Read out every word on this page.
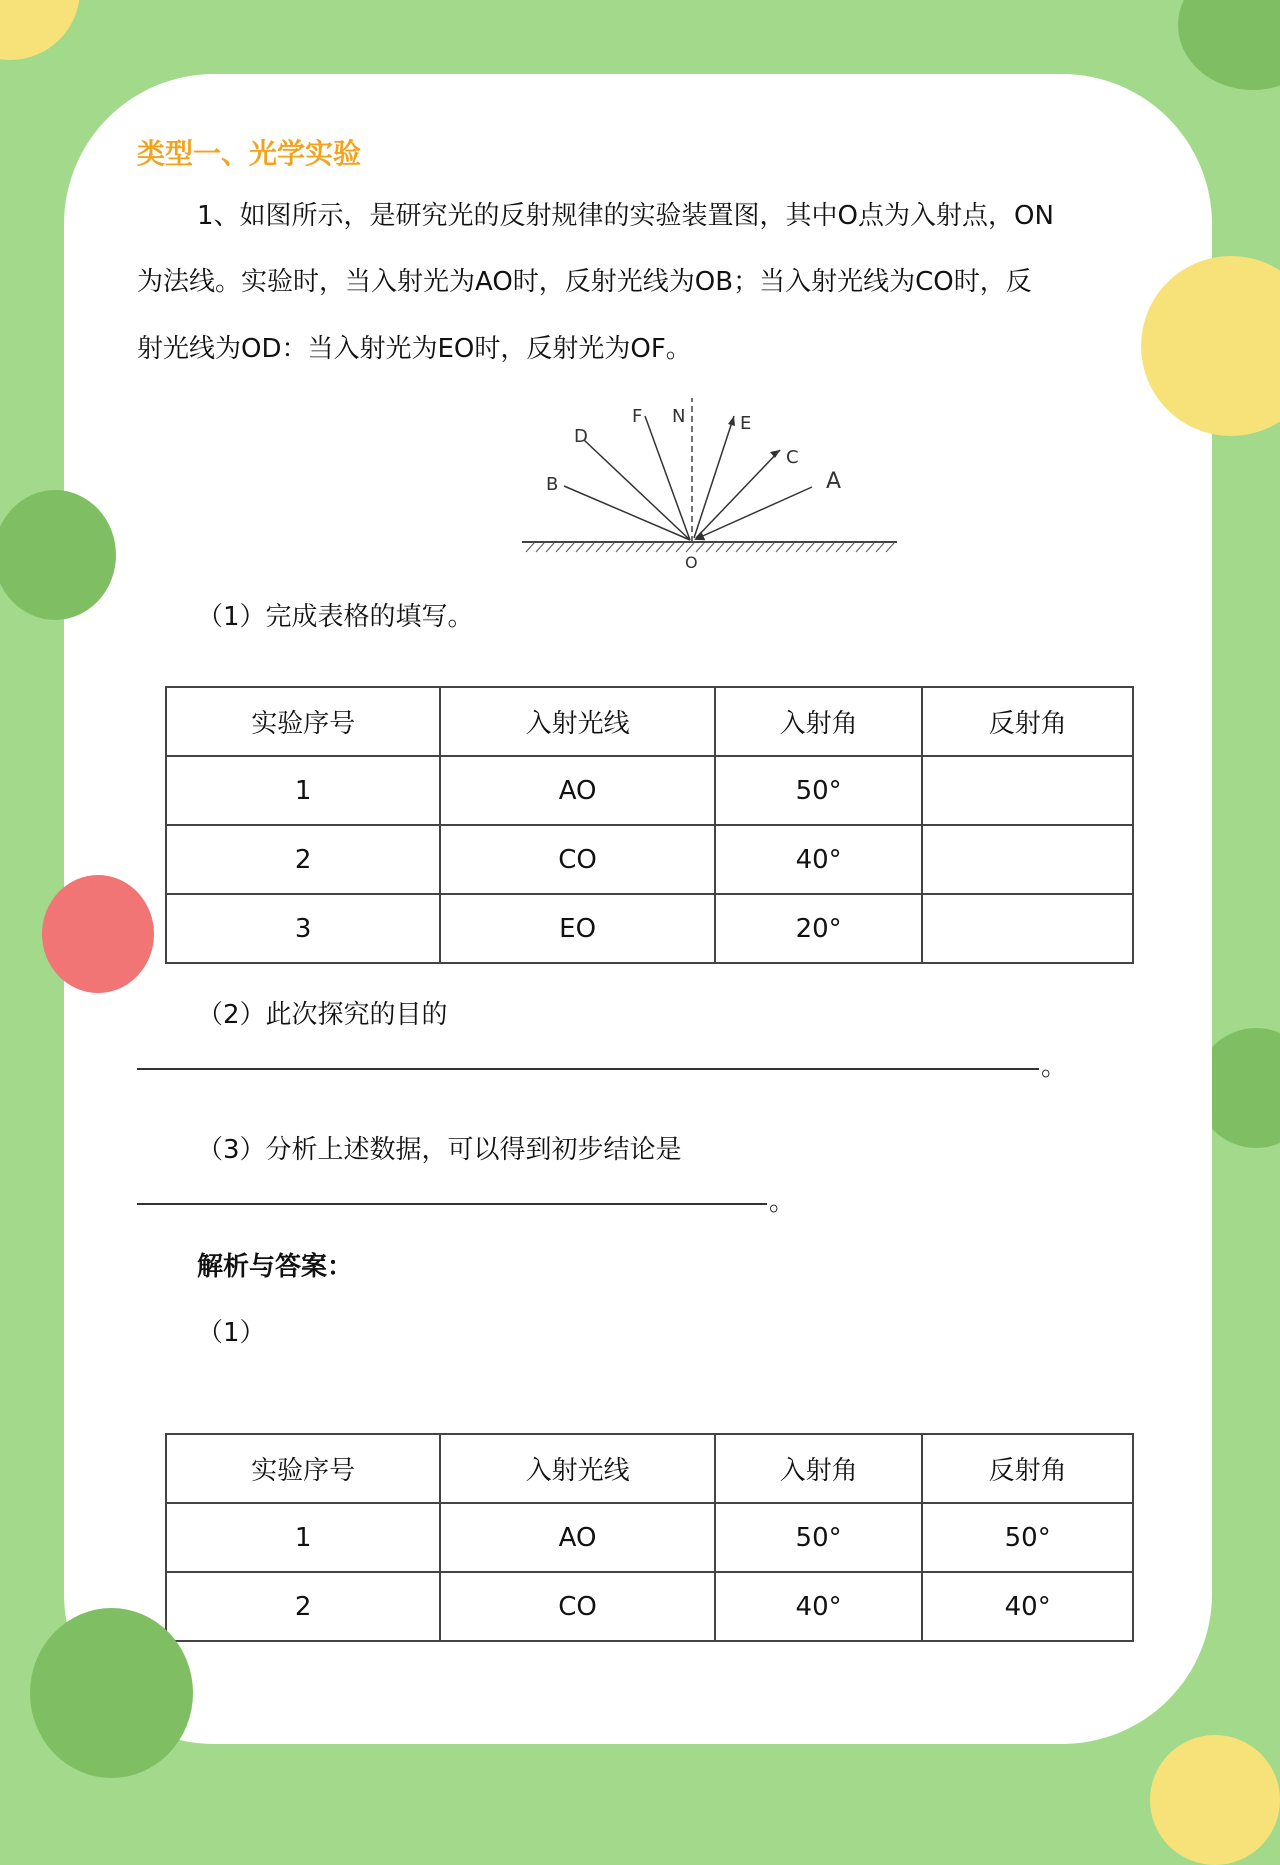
类型一、光学实验
1、如图所示，是研究光的反射规律的实验装置图，其中O点为入射点，ON
为法线。实验时，当入射光为AO时，反射光线为OB；当入射光线为CO时，反
射光线为OD：当入射光为EO时，反射光为OF。
A
B
C
D
E
F N
O
（1）完成表格的填写。
实验序号	入射光线	入射角	反射角
1	AO	50°	
2	CO	40°	
3	EO	20°	
（2）此次探究的目的
。
（3）分析上述数据，可以得到初步结论是
。
解析与答案：
（1）
实验序号	入射光线	入射角	反射角
1	AO	50°	50°
2	CO	40°	40°
